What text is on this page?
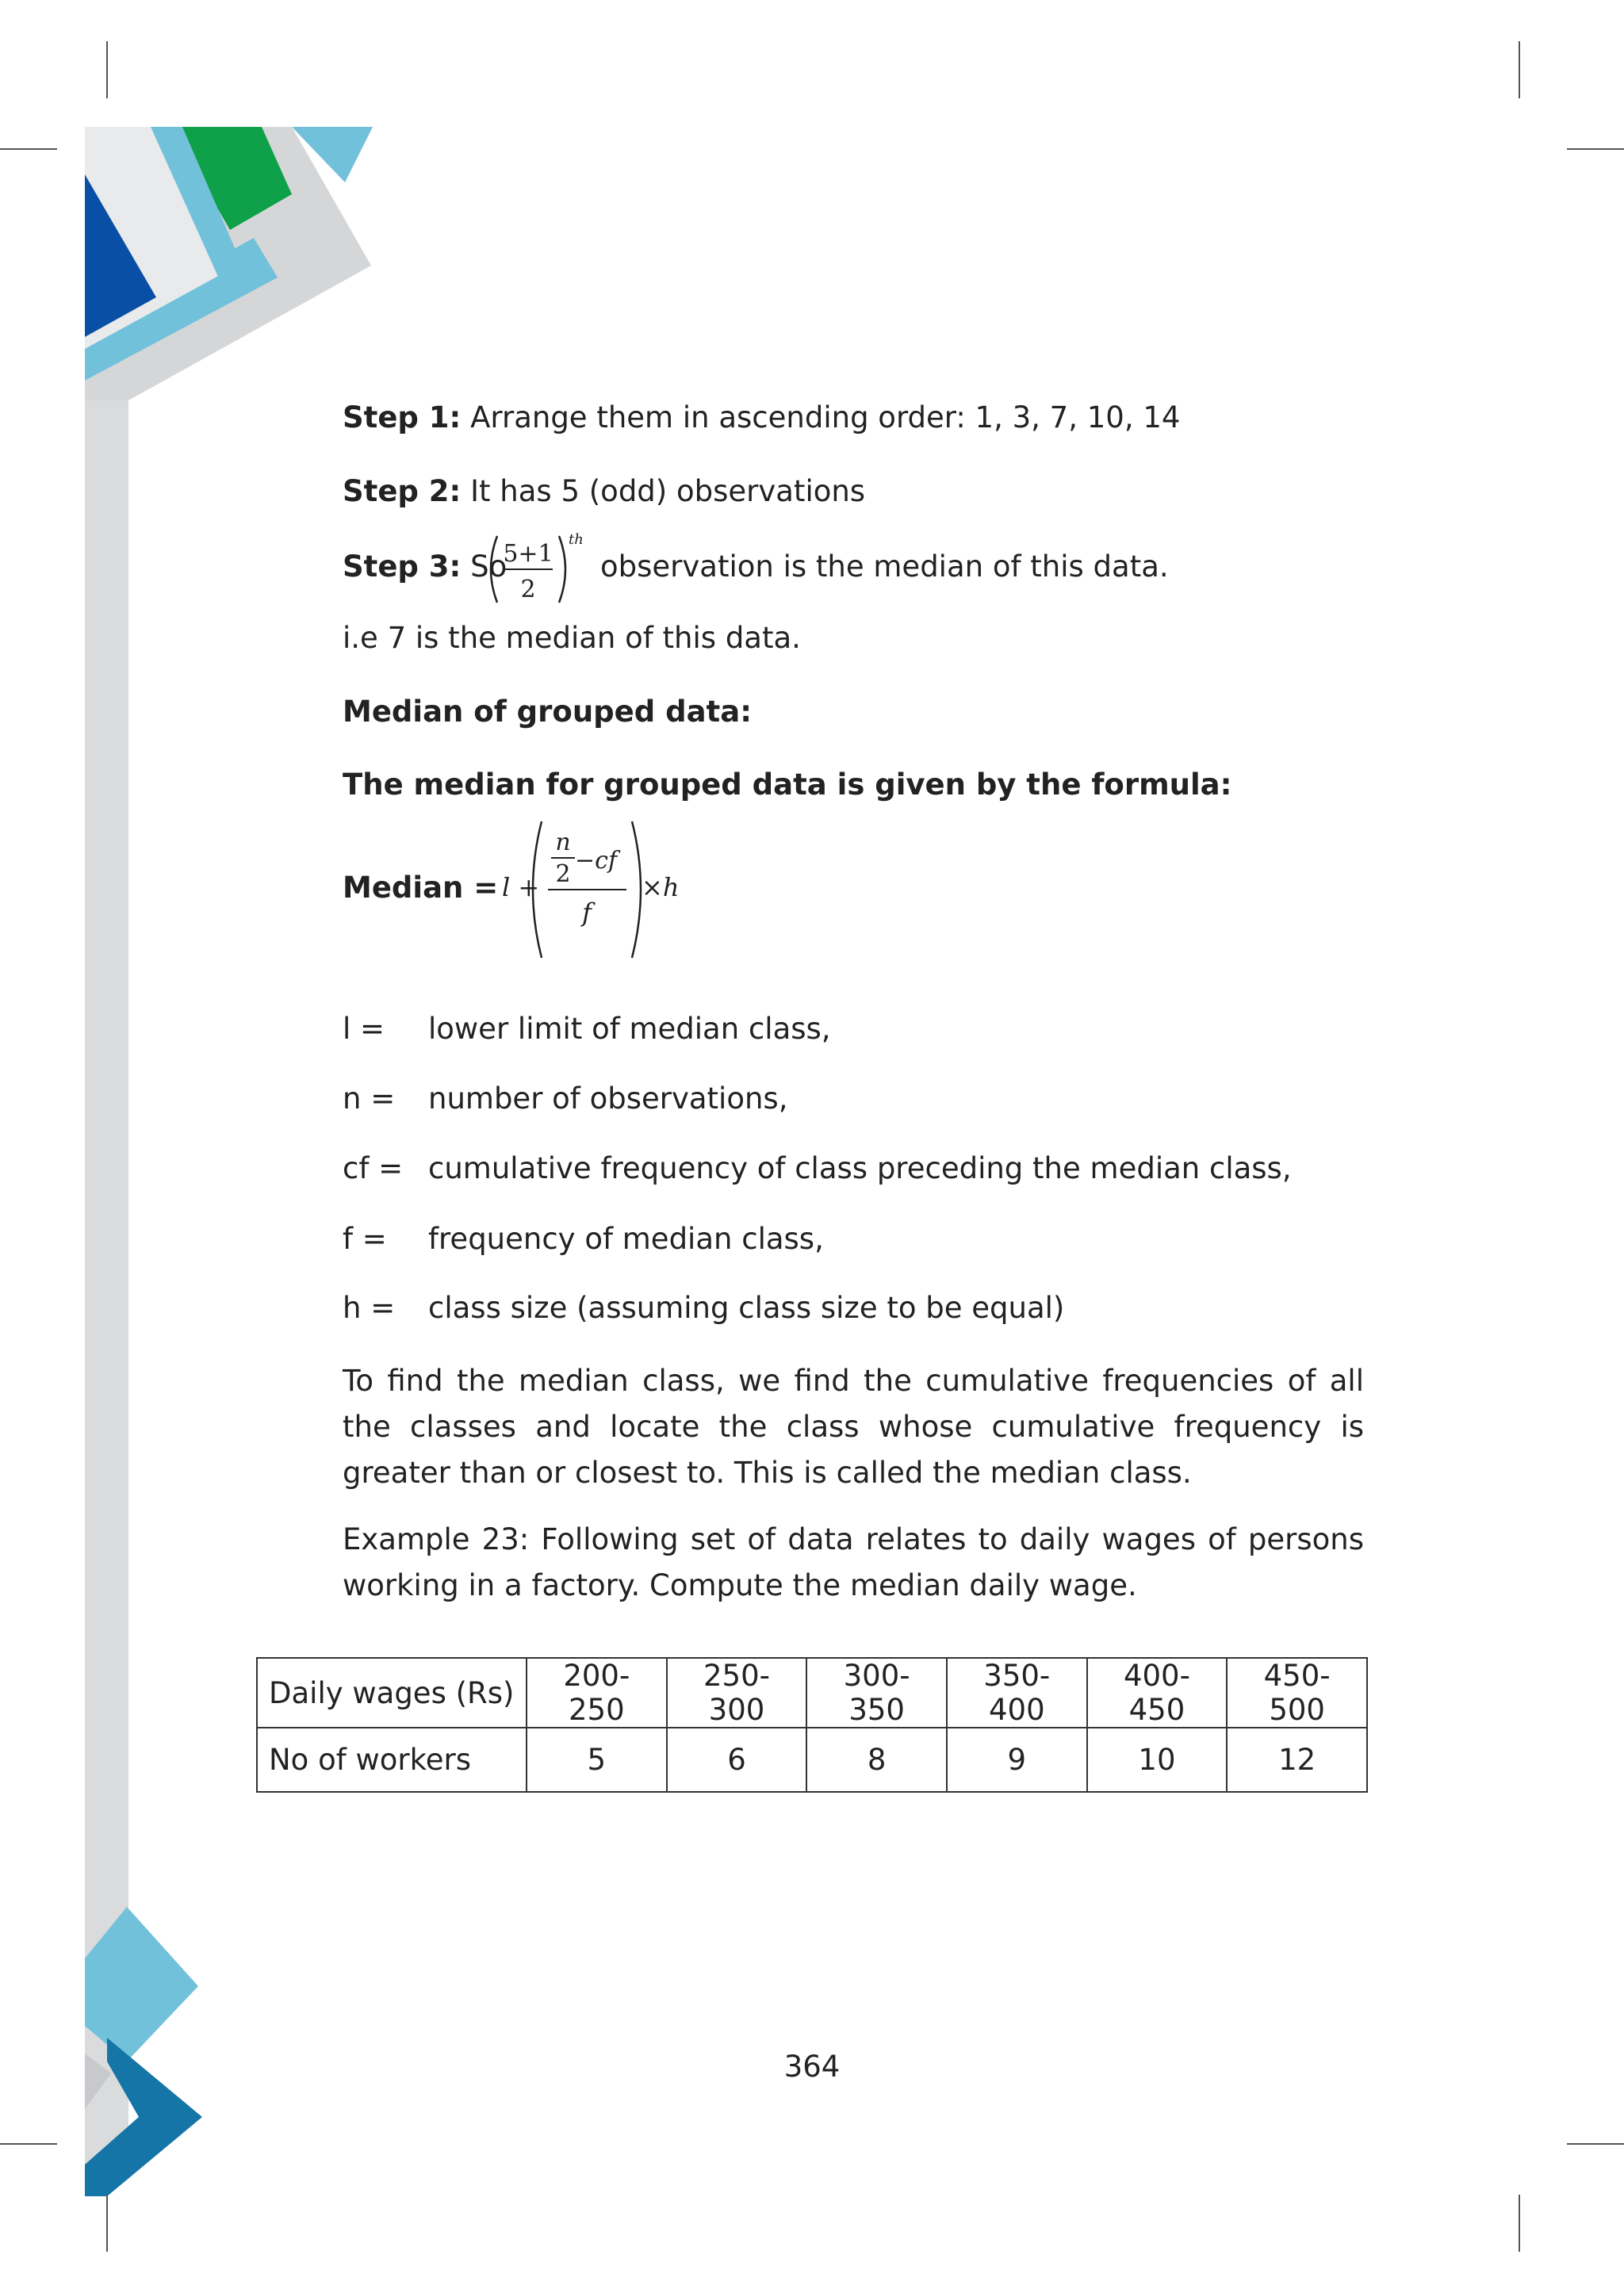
Step 1: Arrange them in ascending order: 1, 3, 7, 10, 14
Step 2: It has 5 (odd) observations
Step 3: So
5+1
2
th
observation is the median of this data.
i.e 7 is the median of this data.
Median of grouped data:
The median for grouped data is given by the formula:
Median = l +
n
2 −cf
f
×h
l =	lower limit of median class,
n =	number of observations,
cf = cumulative frequency of class preceding the median class,
f =	frequency of median class,
h =	class size (assuming class size to be equal)
To find the median class, we find the cumulative frequencies of all the classes and locate the class whose cumulative frequency is greater than or closest to. This is called the median class.
Example 23: Following set of data relates to daily wages of persons working in a factory. Compute the median daily wage.
Daily wages (Rs)	200-250	250-300	300-350	350-400	400-450	450-500
No of workers	5	6	8	9	10	12
364
